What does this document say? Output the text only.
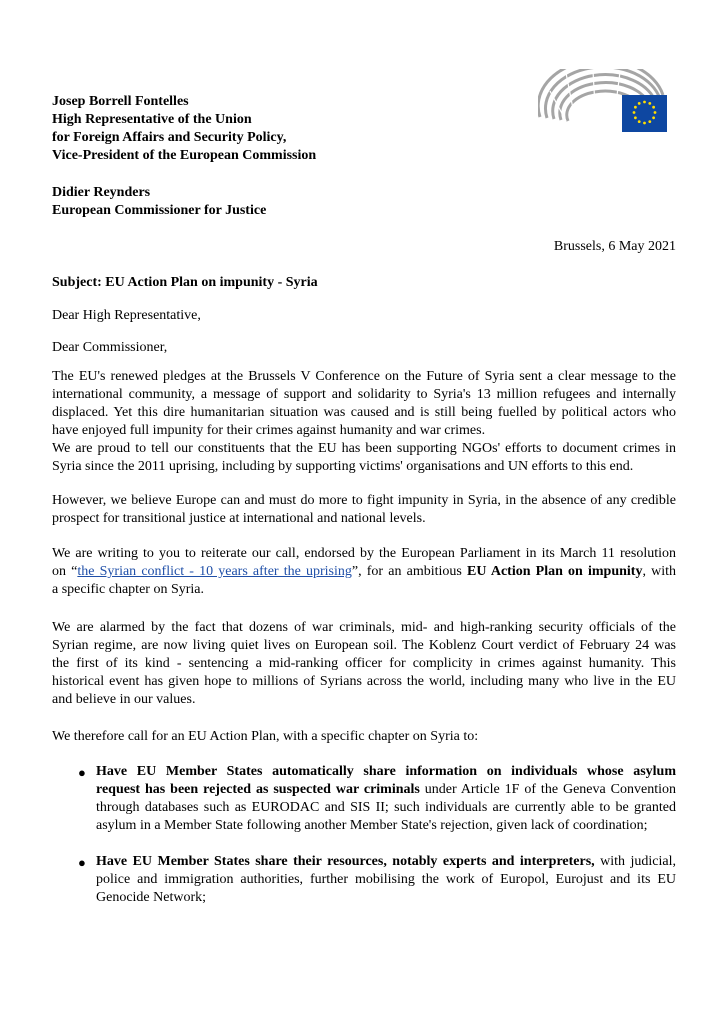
Josep Borrell Fontelles
High Representative of the Union
for Foreign Affairs and Security Policy,
Vice-President of the European Commission
Didier Reynders
European Commissioner for Justice
Brussels, 6 May 2021
Subject: EU Action Plan on impunity - Syria
Dear High Representative,
Dear Commissioner,
The EU's renewed pledges at the Brussels V Conference on the Future of Syria sent a clear message to the
international community, a message of support and solidarity to Syria's 13 million refugees and internally
displaced. Yet this dire humanitarian situation was caused and is still being fuelled by political actors who
have enjoyed full impunity for their crimes against humanity and war crimes.
We are proud to tell our constituents that the EU has been supporting NGOs' efforts to document crimes in
Syria since the 2011 uprising, including by supporting victims' organisations and UN efforts to this end.
However, we believe Europe can and must do more to fight impunity in Syria, in the absence of any credible
prospect for transitional justice at international and national levels.
We are writing to you to reiterate our call, endorsed by the European Parliament in its March 11 resolution
on “the Syrian conflict - 10 years after the uprising”, for an ambitious EU Action Plan on impunity, with
a specific chapter on Syria.
We are alarmed by the fact that dozens of war criminals, mid- and high-ranking security officials of the
Syrian regime, are now living quiet lives on European soil. The Koblenz Court verdict of February 24 was
the first of its kind - sentencing a mid-ranking officer for complicity in crimes against humanity. This
historical event has given hope to millions of Syrians across the world, including many who live in the EU
and believe in our values.
We therefore call for an EU Action Plan, with a specific chapter on Syria to:
● Have EU Member States automatically share information on individuals whose asylum
request has been rejected as suspected war criminals under Article 1F of the Geneva Convention
through databases such as EURODAC and SIS II; such individuals are currently able to be granted
asylum in a Member State following another Member State's rejection, given lack of coordination;
● Have EU Member States share their resources, notably experts and interpreters, with judicial,
police and immigration authorities, further mobilising the work of Europol, Eurojust and its EU
Genocide Network;
